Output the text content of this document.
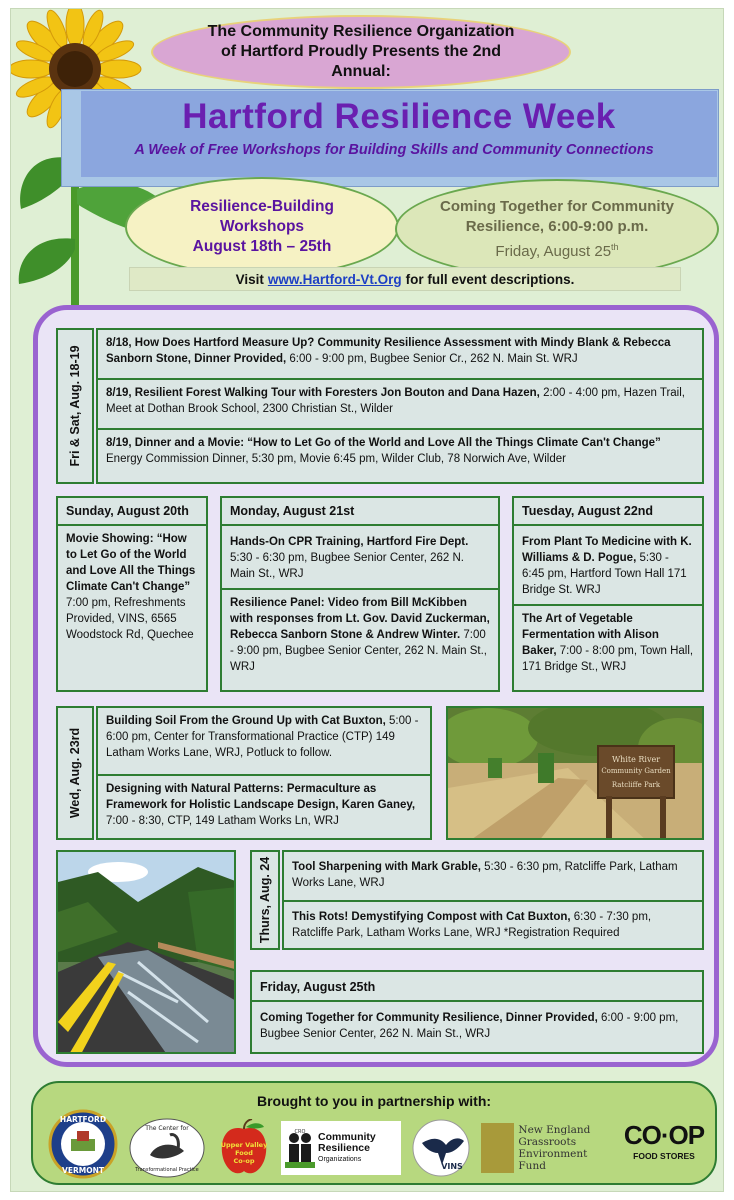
The Community Resilience Organization
of Hartford Proudly Presents the 2nd Annual:
Hartford Resilience Week
A Week of Free Workshops for Building Skills and Community Connections
Resilience-Building
Workshops
August 18th – 25th
Coming Together for Community
Resilience, 6:00-9:00 p.m.
Friday, August 25th
Visit www.Hartford-Vt.Org for full event descriptions.
Fri & Sat, Aug. 18-19
8/18, How Does Hartford Measure Up? Community Resilience Assessment with Mindy Blank & Rebecca Sanborn Stone, Dinner Provided, 6:00 - 9:00 pm, Bugbee Senior Cr., 262 N. Main St. WRJ
8/19, Resilient Forest Walking Tour with Foresters Jon Bouton and Dana Hazen, 2:00 - 4:00 pm, Hazen Trail, Meet at Dothan Brook School, 2300 Christian St., Wilder
8/19, Dinner and a Movie: “How to Let Go of the World and Love All the Things Climate Can't Change” Energy Commission Dinner, 5:30 pm, Movie 6:45 pm, Wilder Club, 78 Norwich Ave, Wilder
Sunday, August 20th
Movie Showing: “How to Let Go of the World and Love All the Things Climate Can't Change” 7:00 pm, Refreshments Provided, VINS, 6565 Woodstock Rd, Quechee
Monday, August 21st
Hands-On CPR Training, Hartford Fire Dept. 5:30 - 6:30 pm, Bugbee Senior Center, 262 N. Main St., WRJ
Resilience Panel: Video from Bill McKibben with responses from Lt. Gov. David Zuckerman, Rebecca Sanborn Stone & Andrew Winter. 7:00 - 9:00 pm, Bugbee Senior Center, 262 N. Main St., WRJ
Tuesday, August 22nd
From Plant To Medicine with K. Williams & D. Pogue, 5:30 - 6:45 pm, Hartford Town Hall 171 Bridge St. WRJ
The Art of Vegetable Fermentation with Alison Baker, 7:00 - 8:00 pm, Town Hall, 171 Bridge St., WRJ
Wed, Aug. 23rd
Building Soil From the Ground Up with Cat Buxton, 5:00 - 6:00 pm, Center for Transformational Practice (CTP) 149 Latham Works Lane, WRJ, Potluck to follow.
Designing with Natural Patterns: Permaculture as Framework for Holistic Landscape Design, Karen Ganey, 7:00 - 8:30, CTP, 149 Latham Works Ln, WRJ
White River
Community Garden
Ratcliffe Park
Thurs, Aug. 24	Tool Sharpening with Mark Grable, 5:30 - 6:30 pm, Ratcliffe Park, Latham Works Lane, WRJ
This Rots! Demystifying Compost with Cat Buxton, 6:30 - 7:30 pm, Ratcliffe Park, Latham Works Lane, WRJ *Registration Required
Friday, August 25th
Coming Together for Community Resilience, Dinner Provided, 6:00 - 9:00 pm, Bugbee Senior Center, 262 N. Main St., WRJ
Brought to you in partnership with:
HARTFORD
VERMONT
The Center for
Transformational Practice
Upper Valley
Food
Co-op
CRO Community
Resilience
Organizations
VINS
New England
Grassroots
Environment Fund
CO·OP
FOOD STORES
